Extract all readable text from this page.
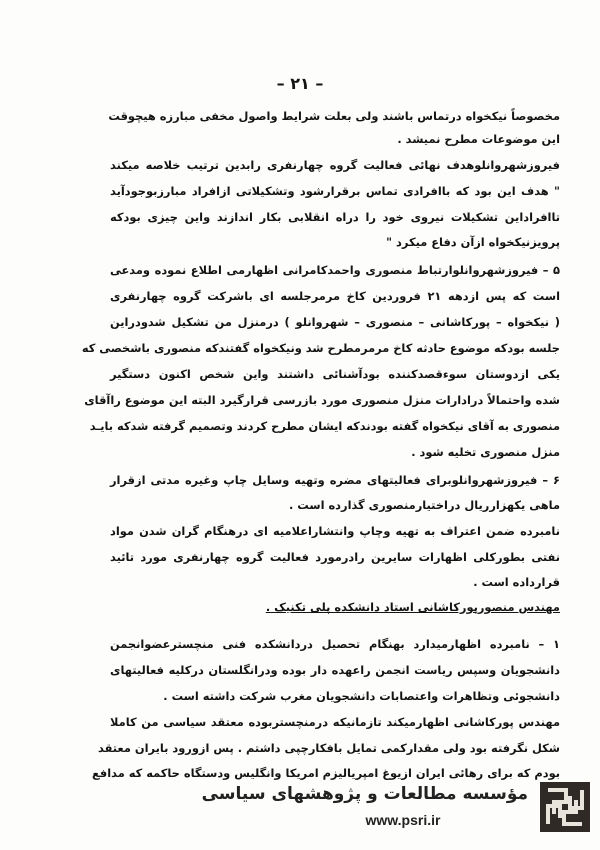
– ۲۱ –
مخصوصاً نیکخواه درتماس باشند ولی بعلت شرایط واصول مخفی مبارزه هیچوقت
این موضوعات مطرح نمیشد .
فیروزشهروانلوهدف نهائی فعالیت گروه چهارنفری رابدین ترتیب خلاصه میکند
" هدف این بود که باافرادی تماس برقرارشود وتشکیلاتی ازافراد مبارزبوجودآید
تاافراداین تشکیلات نیروی خود را دراه انقلابی بکار اندازند واین چیزی بودکه
پرویزنیکخواه ازآن دفاع میکرد "
۵ – فیروزشهروانلوارتباط منصوری واحمدکامرانی اظهارمی اطلاع نموده ومدعی
است که پس ازدهه ۲۱ فروردین کاخ مرمرجلسه ای باشرکت گروه چهارنفری
( نیکخواه – پورکاشانی – منصوری – شهروانلو ) درمنزل من تشکیل شدودراین
جلسه بودکه موضوع حادثه کاخ مرمرمطرح شد ونیکخواه گفتندکه منصوری باشخصی که
یکی ازدوستان سوءقصدکننده بودآشنائی داشتند واین شخص اکنون دستگیر
شده واحتمالاً درادارات منزل منصوری مورد بازرسی قرارگیرد البته این موضوع راآقای
منصوری به آقای نیکخواه گفته بودندکه ایشان مطرح کردند وتصمیم گرفته شدکه بایـد
منزل منصوری تخلیه شود .
۶ – فیروزشهروانلوبرای فعالیتهای مضره وتهیه وسایل چاپ وغیره مدتی ازقرار
ماهی یکهزارریال دراختیارمنصوری گذارده است .
نامبرده ضمن اعتراف به تهیه وچاپ وانتشاراعلامیه ای درهنگام گران شدن مواد
نفتی بطورکلی اظهارات سایرین رادرمورد فعالیت گروه چهارنفری مورد تائید
قرارداده است .
مهندس منصورپورکاشانی استاد دانشکده پلی تکنیک .
۱ – نامبرده اظهارمیدارد بهنگام تحصیل دردانشکده فنی منچسترعضوانجمن
دانشجویان وسپس ریاست انجمن راعهده دار بوده ودرانگلستان درکلیه فعالیتهای
دانشجوئی وتظاهرات واعتصابات دانشجویان مغرب شرکت داشته است .
مهندس پورکاشانی اظهارمیکند تازمانیکه درمنچستربوده معتقد سیاسی من کاملا
شکل نگرفته بود ولی مقدارکمی تمایل بافکارچپی داشتم . پس ازورود بایران معتقد
بودم که برای رهائی ایران ازیوغ امپریالیزم امریکا وانگلیس ودستگاه حاکمه که مدافع
مؤسسه مطالعات و پژوهشهای سیاسی
www.psri.ir
